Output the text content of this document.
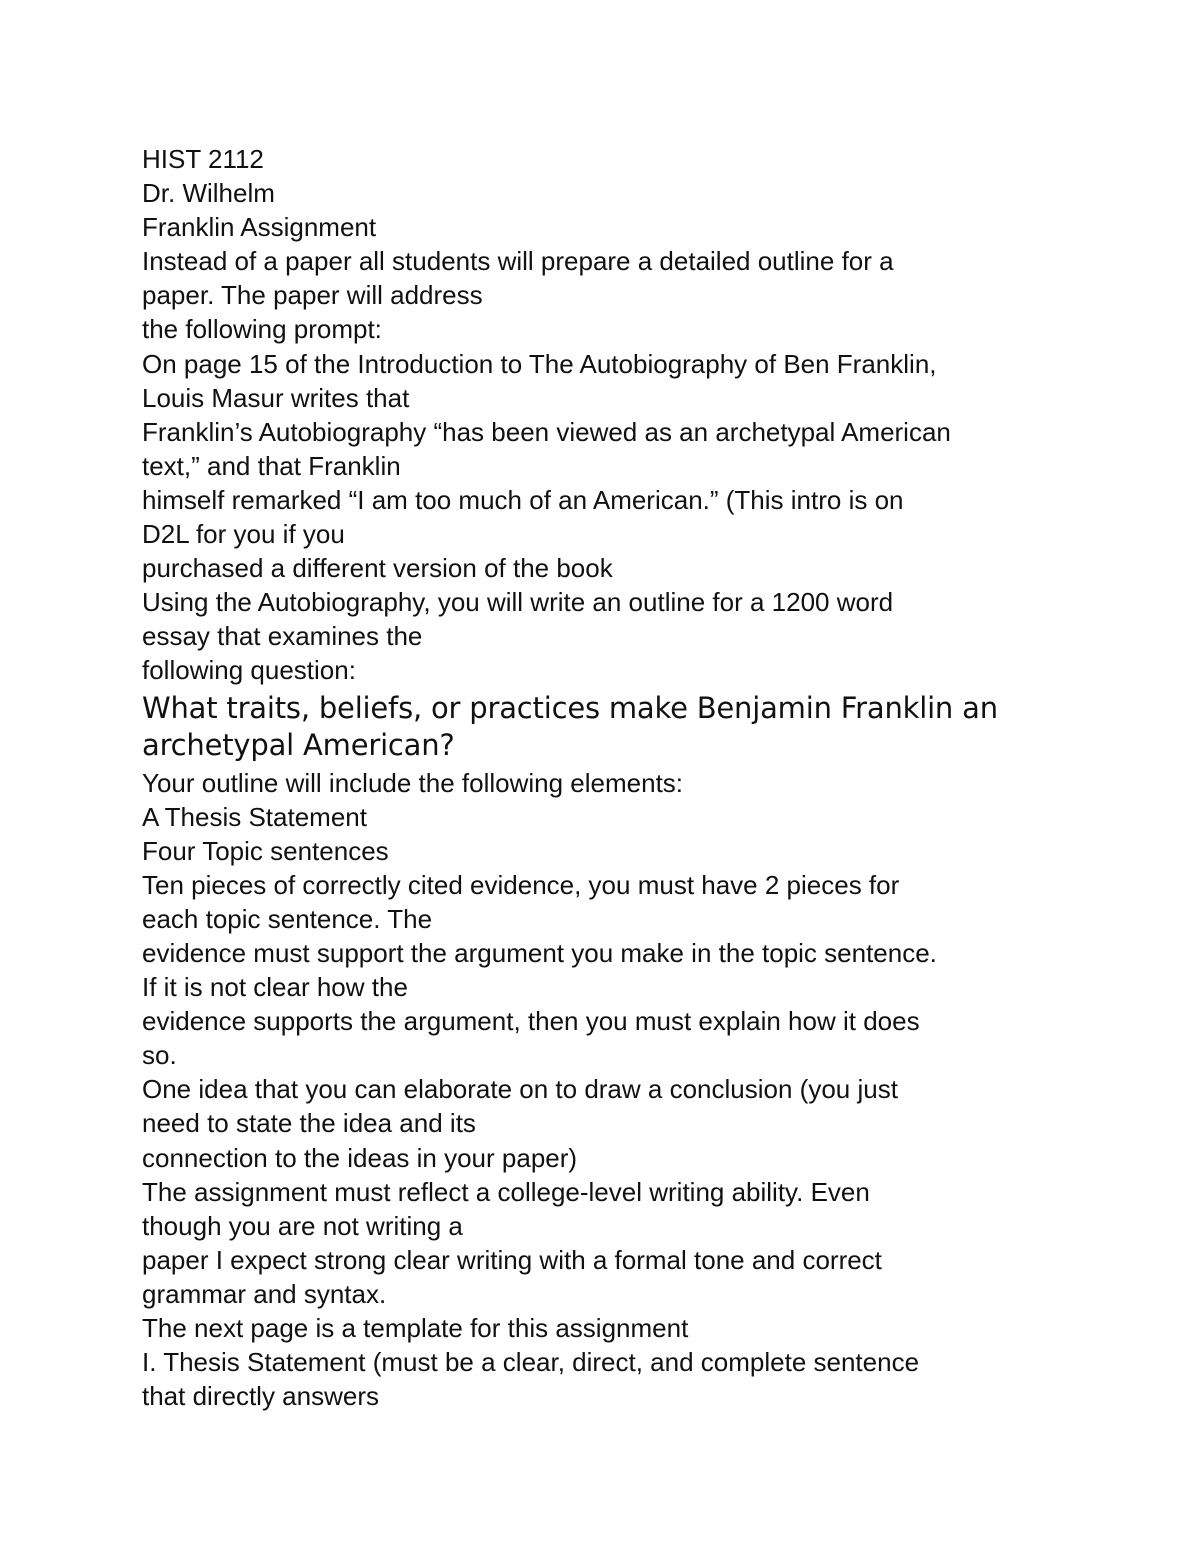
HIST 2112
Dr. Wilhelm
Franklin Assignment
Instead of a paper all students will prepare a detailed outline for a
paper. The paper will address
the following prompt:
On page 15 of the Introduction to The Autobiography of Ben Franklin,
Louis Masur writes that
Franklin’s Autobiography “has been viewed as an archetypal American
text,” and that Franklin
himself remarked “I am too much of an American.” (This intro is on
D2L for you if you
purchased a different version of the book
Using the Autobiography, you will write an outline for a 1200 word
essay that examines the
following question:
What traits, beliefs, or practices make Benjamin Franklin an
archetypal American?
Your outline will include the following elements:
A Thesis Statement
Four Topic sentences
Ten pieces of correctly cited evidence, you must have 2 pieces for
each topic sentence. The
evidence must support the argument you make in the topic sentence.
If it is not clear how the
evidence supports the argument, then you must explain how it does
so.
One idea that you can elaborate on to draw a conclusion (you just
need to state the idea and its
connection to the ideas in your paper)
The assignment must reflect a college-level writing ability. Even
though you are not writing a
paper I expect strong clear writing with a formal tone and correct
grammar and syntax.
The next page is a template for this assignment
I. Thesis Statement (must be a clear, direct, and complete sentence
that directly answers
